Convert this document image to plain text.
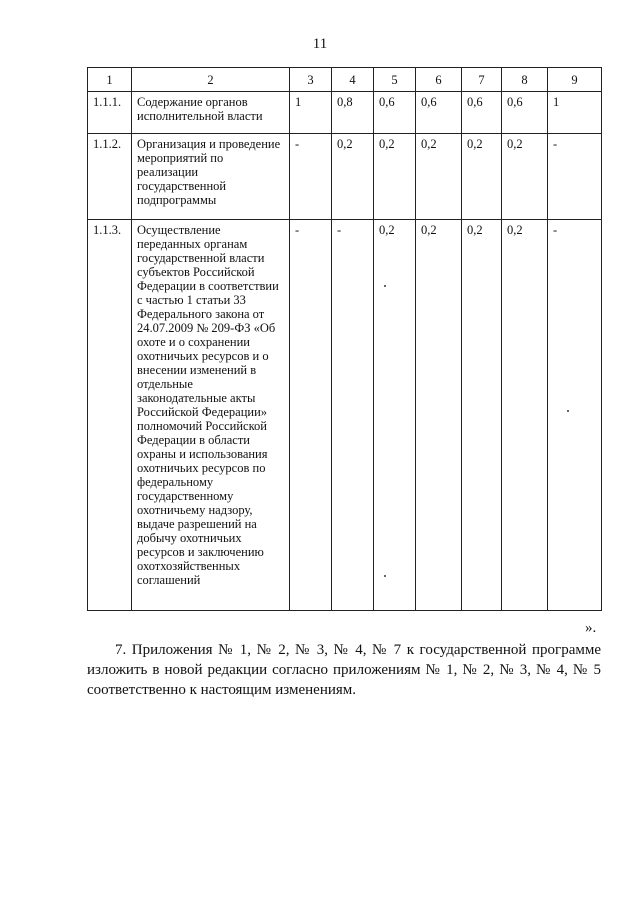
11
1	2	3	4	5	6	7	8	9
1.1.1.	Содержание органов исполнительной власти	1	0,8	0,6	0,6	0,6	0,6	1
1.1.2.	Организация и проведение мероприятий по реализации государственной подпрограммы	-	0,2	0,2	0,2	0,2	0,2	-
1.1.3.	Осуществление переданных органам государственной власти субъектов Российской Федерации в соответствии с частью 1 статьи 33 Федерального закона от 24.07.2009 № 209-ФЗ «Об охоте и о сохранении охотничьих ресурсов и о внесении изменений в отдельные законодательные акты Российской Федерации» полномочий Российской Федерации в области охраны и использования охотничьих ресурсов по федеральному государственному охотничьему надзору, выдаче разрешений на добычу охотничьих ресурсов и заключению охотхозяйственных соглашений	-	-	0,2	0,2	0,2	0,2	-
».
7. Приложения № 1, № 2, № 3, № 4, № 7 к государственной программе
изложить в новой редакции согласно приложениям № 1, № 2, № 3, № 4, № 5
соответственно к настоящим изменениям.
